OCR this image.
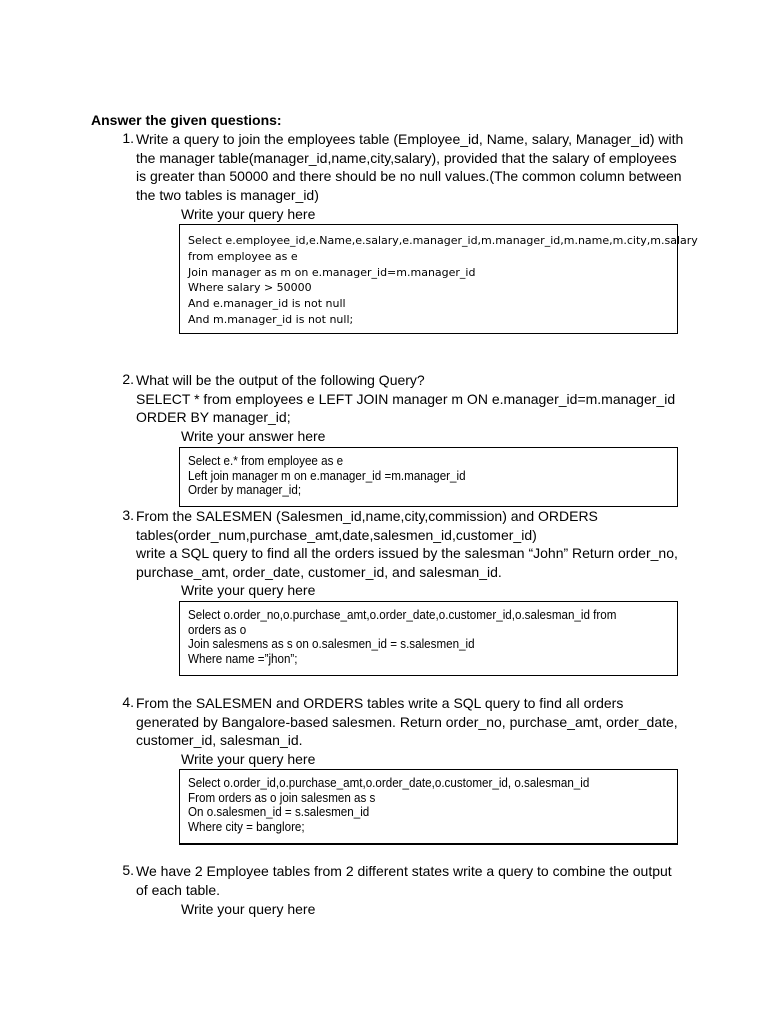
Answer the given questions:
1. Write a query to join the employees table (Employee_id, Name, salary, Manager_id) with
the manager table(manager_id,name,city,salary), provided that the salary of employees
is greater than 50000 and there should be no null values.(The common column between
the two tables is manager_id)
Write your query here
Select e.employee_id,e.Name,e.salary,e.manager_id,m.manager_id,m.name,m.city,m.salary
from employee as e
Join manager as m on e.manager_id=m.manager_id
Where salary > 50000
And e.manager_id is not null
And m.manager_id is not null;
2. What will be the output of the following Query?
SELECT * from employees e LEFT JOIN manager m ON e.manager_id=m.manager_id
ORDER BY manager_id;
Write your answer here
Select e.* from employee as e
Left join manager m on e.manager_id =m.manager_id
Order by manager_id;
3. From the SALESMEN (Salesmen_id,name,city,commission) and ORDERS
tables(order_num,purchase_amt,date,salesmen_id,customer_id)
write a SQL query to find all the orders issued by the salesman “John” Return order_no,
purchase_amt, order_date, customer_id, and salesman_id.
Write your query here
Select o.order_no,o.purchase_amt,o.order_date,o.customer_id,o.salesman_id from
orders as o
Join salesmens as s on o.salesmen_id = s.salesmen_id
Where name =”jhon”;
4. From the SALESMEN and ORDERS tables write a SQL query to find all orders
generated by Bangalore-based salesmen. Return order_no, purchase_amt, order_date,
customer_id, salesman_id.
Write your query here
Select o.order_id,o.purchase_amt,o.order_date,o.customer_id, o.salesman_id
From orders as o join salesmen as s
On o.salesmen_id = s.salesmen_id
Where city = banglore;
5. We have 2 Employee tables from 2 different states write a query to combine the output
of each table.
Write your query here
